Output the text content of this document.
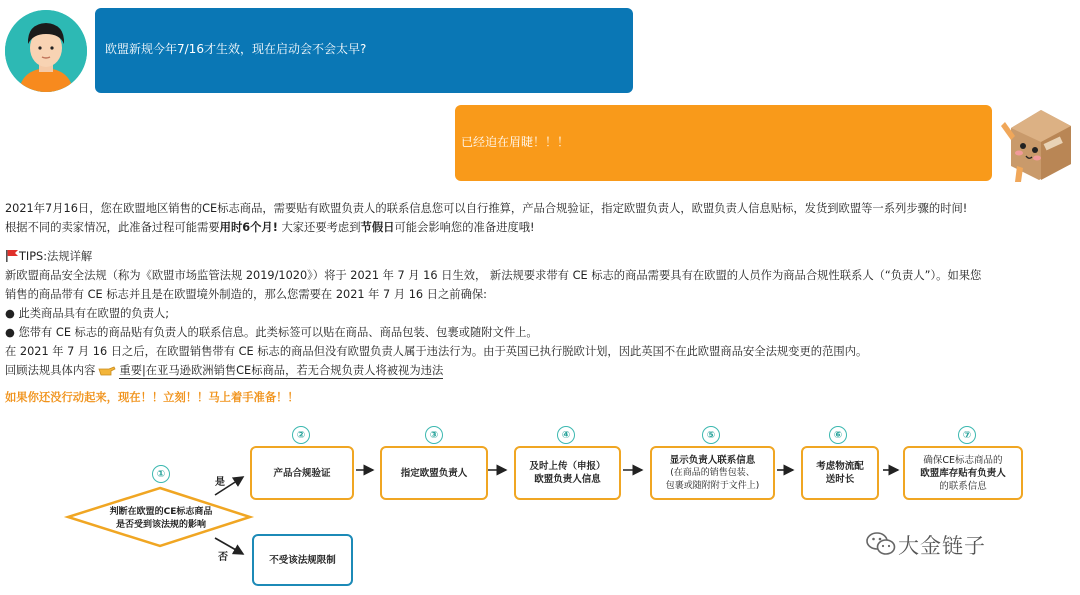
欧盟新规今年7/16才生效，现在启动会不会太早?
已经迫在眉睫！！！
2021年7月16日，您在欧盟地区销售的CE标志商品，需要贴有欧盟负责人的联系信息您可以自行推算，产品合规验证，指定欧盟负责人，欧盟负责人信息贴标，发货到欧盟等一系列步骤的时间!
根据不同的卖家情况，此准备过程可能需要用时6个月! 大家还要考虑到节假日可能会影响您的准备进度哦!
TIPS:法规详解
新欧盟商品安全法规（称为《欧盟市场监管法规 2019/1020》）将于 2021 年 7 月 16 日生效， 新法规要求带有 CE 标志的商品需要具有在欧盟的人员作为商品合规性联系人（“负责人”）。如果您
销售的商品带有 CE 标志并且是在欧盟境外制造的，那么您需要在 2021 年 7 月 16 日之前确保:
● 此类商品具有在欧盟的负责人;
● 您带有 CE 标志的商品贴有负责人的联系信息。此类标签可以贴在商品、商品包装、包裹或随附文件上。
在 2021 年 7 月 16 日之后，在欧盟销售带有 CE 标志的商品但没有欧盟负责人属于违法行为。由于英国已执行脱欧计划，因此英国不在此欧盟商品安全法规变更的范围内。
回顾法规具体内容 重要|在亚马逊欧洲销售CE标商品，若无合规负责人将被视为违法
如果你还没行动起来，现在！！立刻！！马上着手准备！！
①
判断在欧盟的CE标志商品
是否受到该法规的影响
是
否	不受该法规限制
②
产品合规验证
③
指定欧盟负责人
④
及时上传（申报）
欧盟负责人信息
⑤
显示负责人联系信息
(在商品的销售包装、
包裹或随附附于文件上)
⑥
考虑物流配
送时长
⑦
确保CE标志商品的
欧盟库存贴有负责人
的联系信息
大金链子
